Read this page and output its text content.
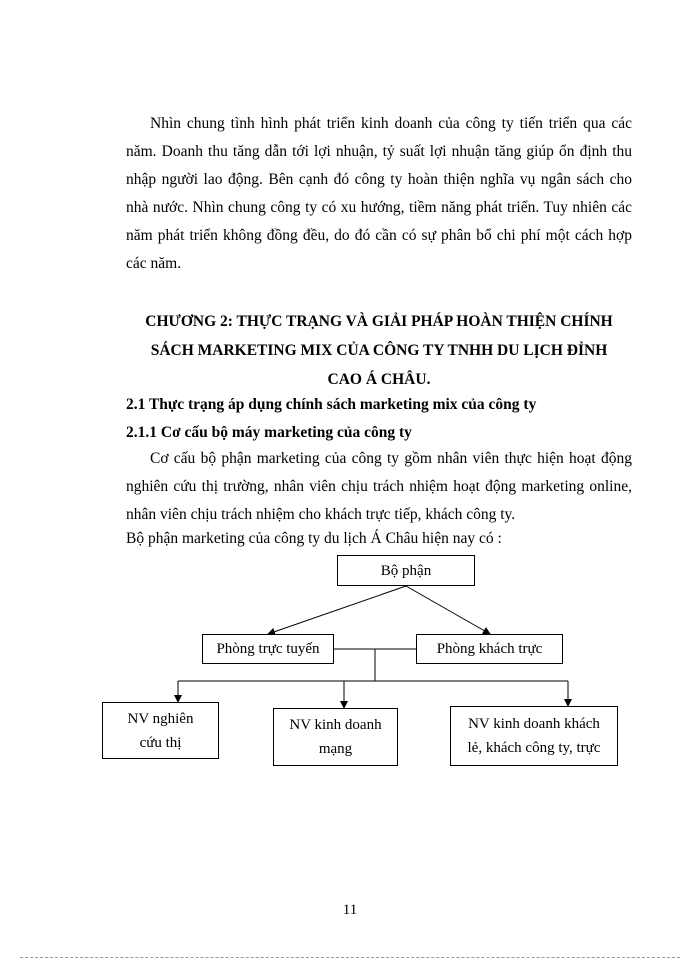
Nhìn chung tình hình phát triển kinh doanh của công ty tiến triển qua các năm. Doanh thu tăng dẫn tới lợi nhuận, tỷ suất lợi nhuận tăng giúp ổn định thu nhập người lao động. Bên cạnh đó công ty hoàn thiện nghĩa vụ ngân sách cho nhà nước. Nhìn chung công ty có xu hướng, tiềm năng phát triển. Tuy nhiên các năm phát triển không đồng đều, do đó cần có sự phân bổ chi phí một cách hợp các năm.

CHƯƠNG 2: THỰC TRẠNG VÀ GIẢI PHÁP HOÀN THIỆN CHÍNH
SÁCH MARKETING MIX CỦA CÔNG TY TNHH DU LỊCH ĐỈNH
CAO Á CHÂU.

2.1 Thực trạng áp dụng chính sách marketing mix của công ty

2.1.1 Cơ cấu bộ máy marketing của công ty

Cơ cấu bộ phận marketing của công ty gồm nhân viên thực hiện hoạt động nghiên cứu thị trường, nhân viên chịu trách nhiệm hoạt động marketing online, nhân viên chịu trách nhiệm cho khách trực tiếp, khách công ty.

Bộ phận marketing của công ty du lịch Á Châu hiện nay có :

Bộ phận
Phòng trực tuyến	Phòng khách trực
NV nghiên
cứu thị
NV kinh doanh
mạng
NV kinh doanh khách
lẻ, khách công ty, trực
11
